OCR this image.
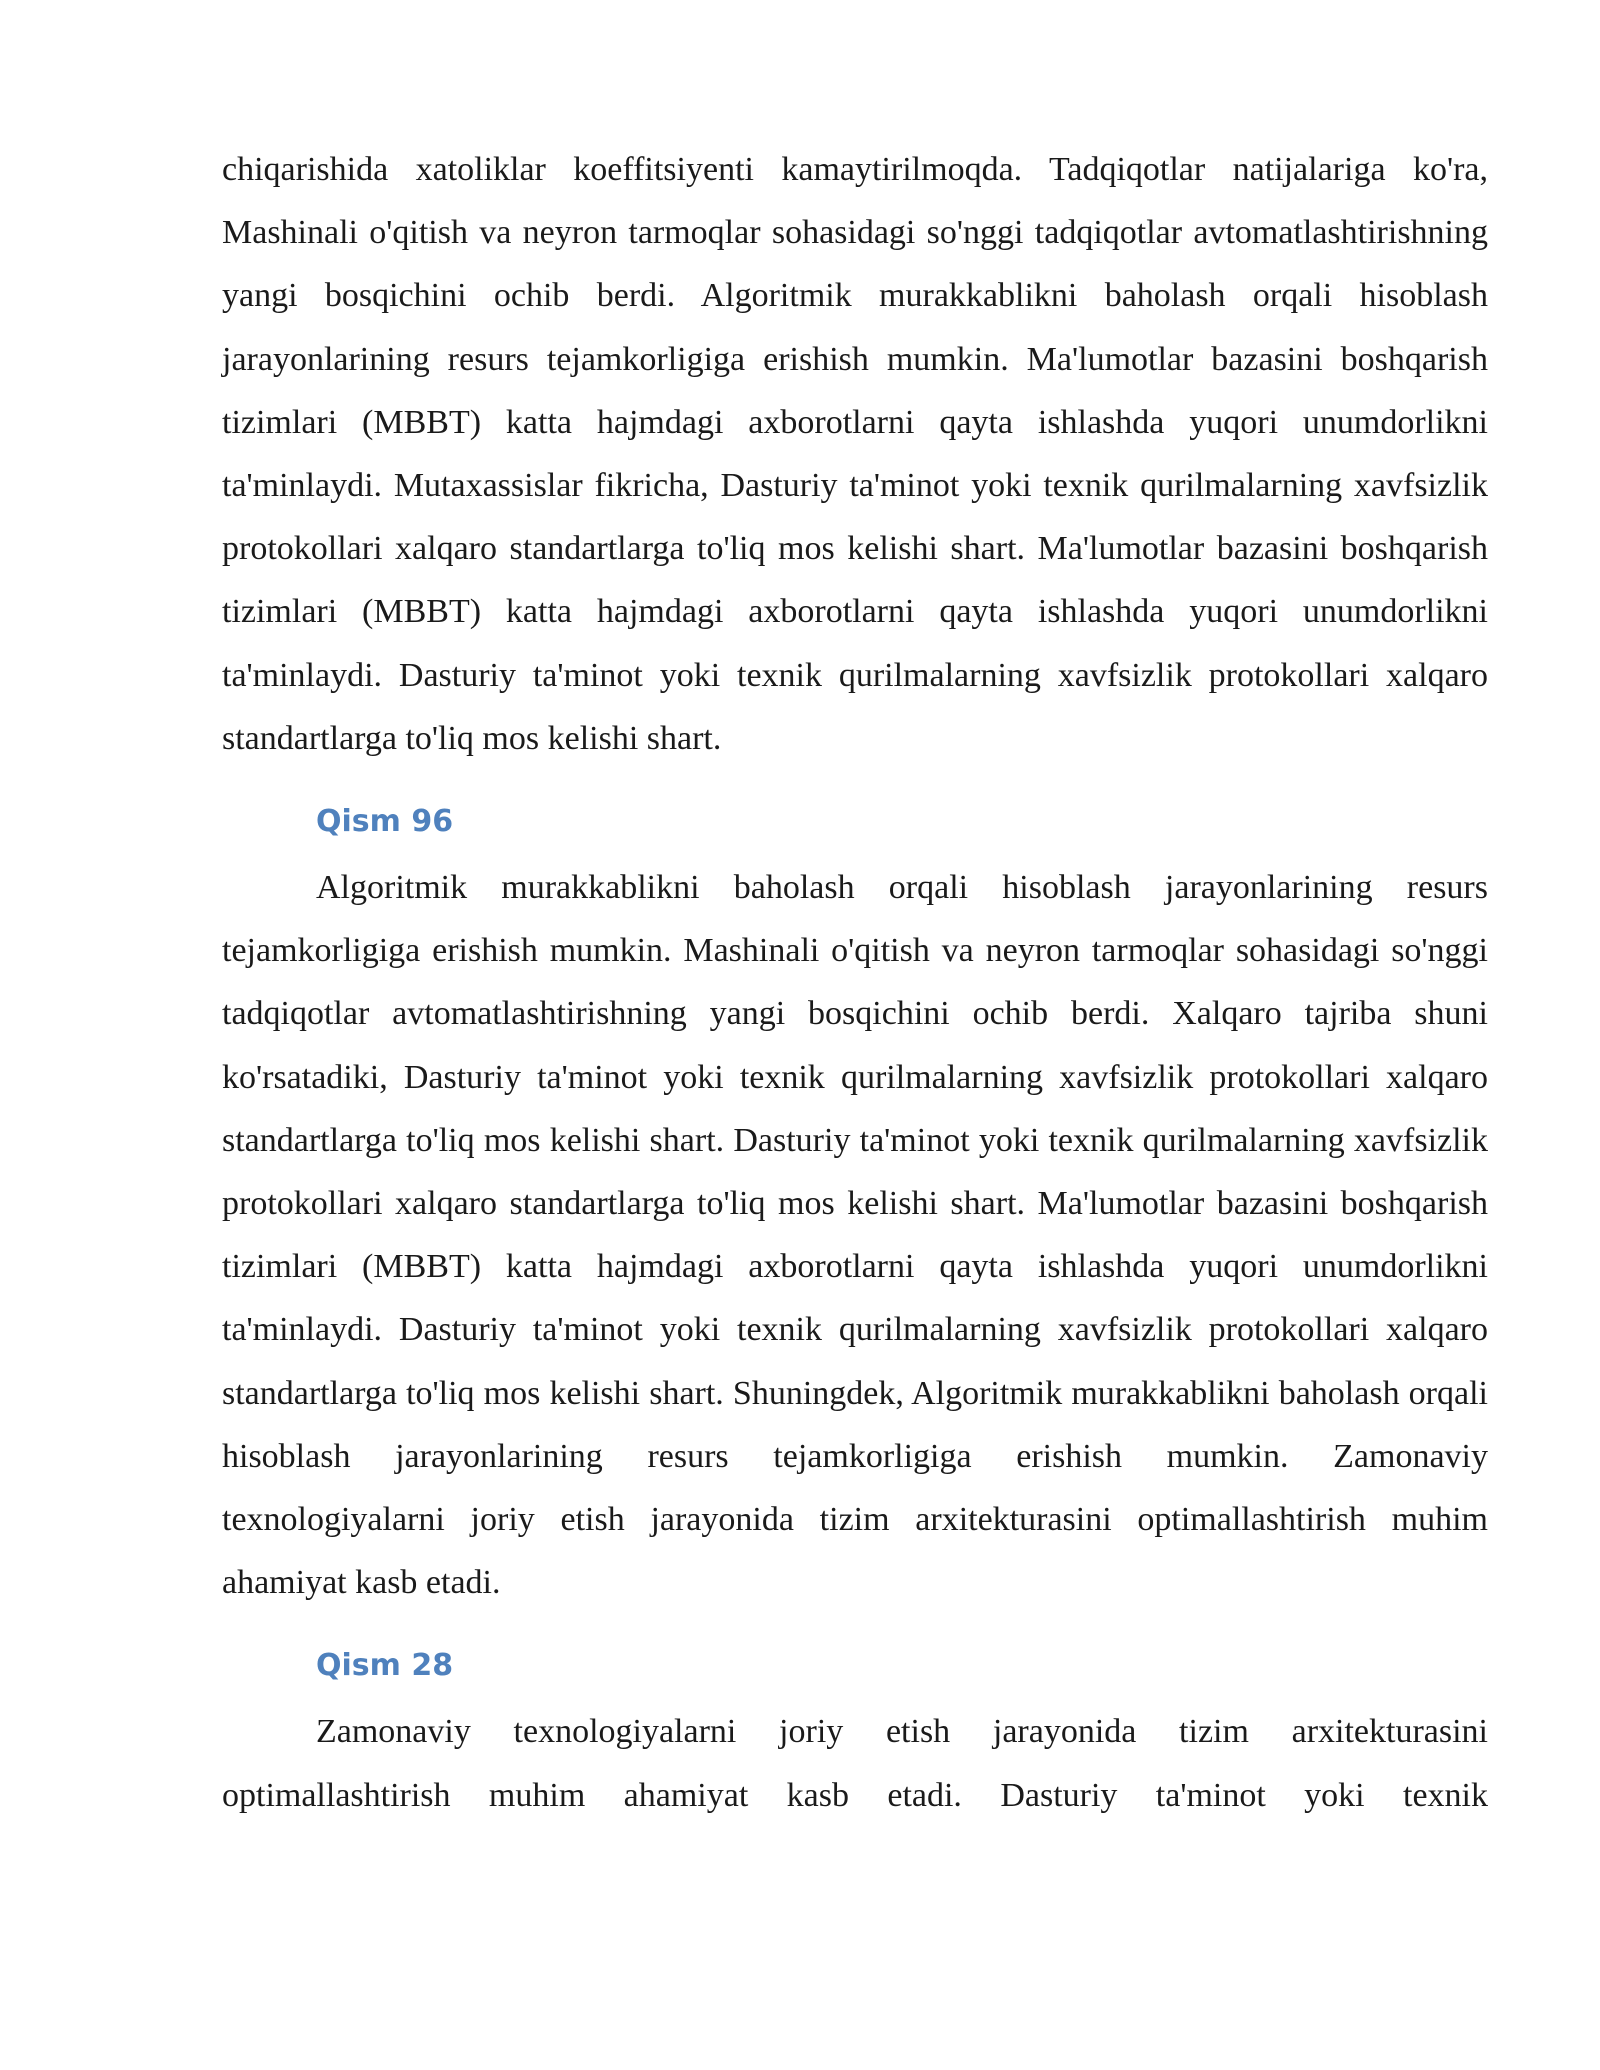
chiqarishida xatoliklar koeffitsiyenti kamaytirilmoqda. Tadqiqotlar natijalariga ko'ra, Mashinali o'qitish va neyron tarmoqlar sohasidagi so'nggi tadqiqotlar avtomatlashtirishning yangi bosqichini ochib berdi. Algoritmik murakkablikni baholash orqali hisoblash jarayonlarining resurs tejamkorligiga erishish mumkin. Ma'lumotlar bazasini boshqarish tizimlari (MBBT) katta hajmdagi axborotlarni qayta ishlashda yuqori unumdorlikni ta'minlaydi. Mutaxassislar fikricha, Dasturiy ta'minot yoki texnik qurilmalarning xavfsizlik protokollari xalqaro standartlarga to'liq mos kelishi shart. Ma'lumotlar bazasini boshqarish tizimlari (MBBT) katta hajmdagi axborotlarni qayta ishlashda yuqori unumdorlikni ta'minlaydi. Dasturiy ta'minot yoki texnik qurilmalarning xavfsizlik protokollari xalqaro standartlarga to'liq mos kelishi shart.

Qism 96

Algoritmik murakkablikni baholash orqali hisoblash jarayonlarining resurs tejamkorligiga erishish mumkin. Mashinali o'qitish va neyron tarmoqlar sohasidagi so'nggi tadqiqotlar avtomatlashtirishning yangi bosqichini ochib berdi. Xalqaro tajriba shuni ko'rsatadiki, Dasturiy ta'minot yoki texnik qurilmalarning xavfsizlik protokollari xalqaro standartlarga to'liq mos kelishi shart. Dasturiy ta'minot yoki texnik qurilmalarning xavfsizlik protokollari xalqaro standartlarga to'liq mos kelishi shart. Ma'lumotlar bazasini boshqarish tizimlari (MBBT) katta hajmdagi axborotlarni qayta ishlashda yuqori unumdorlikni ta'minlaydi. Dasturiy ta'minot yoki texnik qurilmalarning xavfsizlik protokollari xalqaro standartlarga to'liq mos kelishi shart. Shuningdek, Algoritmik murakkablikni baholash orqali hisoblash jarayonlarining resurs tejamkorligiga erishish mumkin. Zamonaviy texnologiyalarni joriy etish jarayonida tizim arxitekturasini optimallashtirish muhim ahamiyat kasb etadi.

Qism 28

Zamonaviy texnologiyalarni joriy etish jarayonida tizim arxitekturasini optimallashtirish muhim ahamiyat kasb etadi. Dasturiy ta'minot yoki texnik
